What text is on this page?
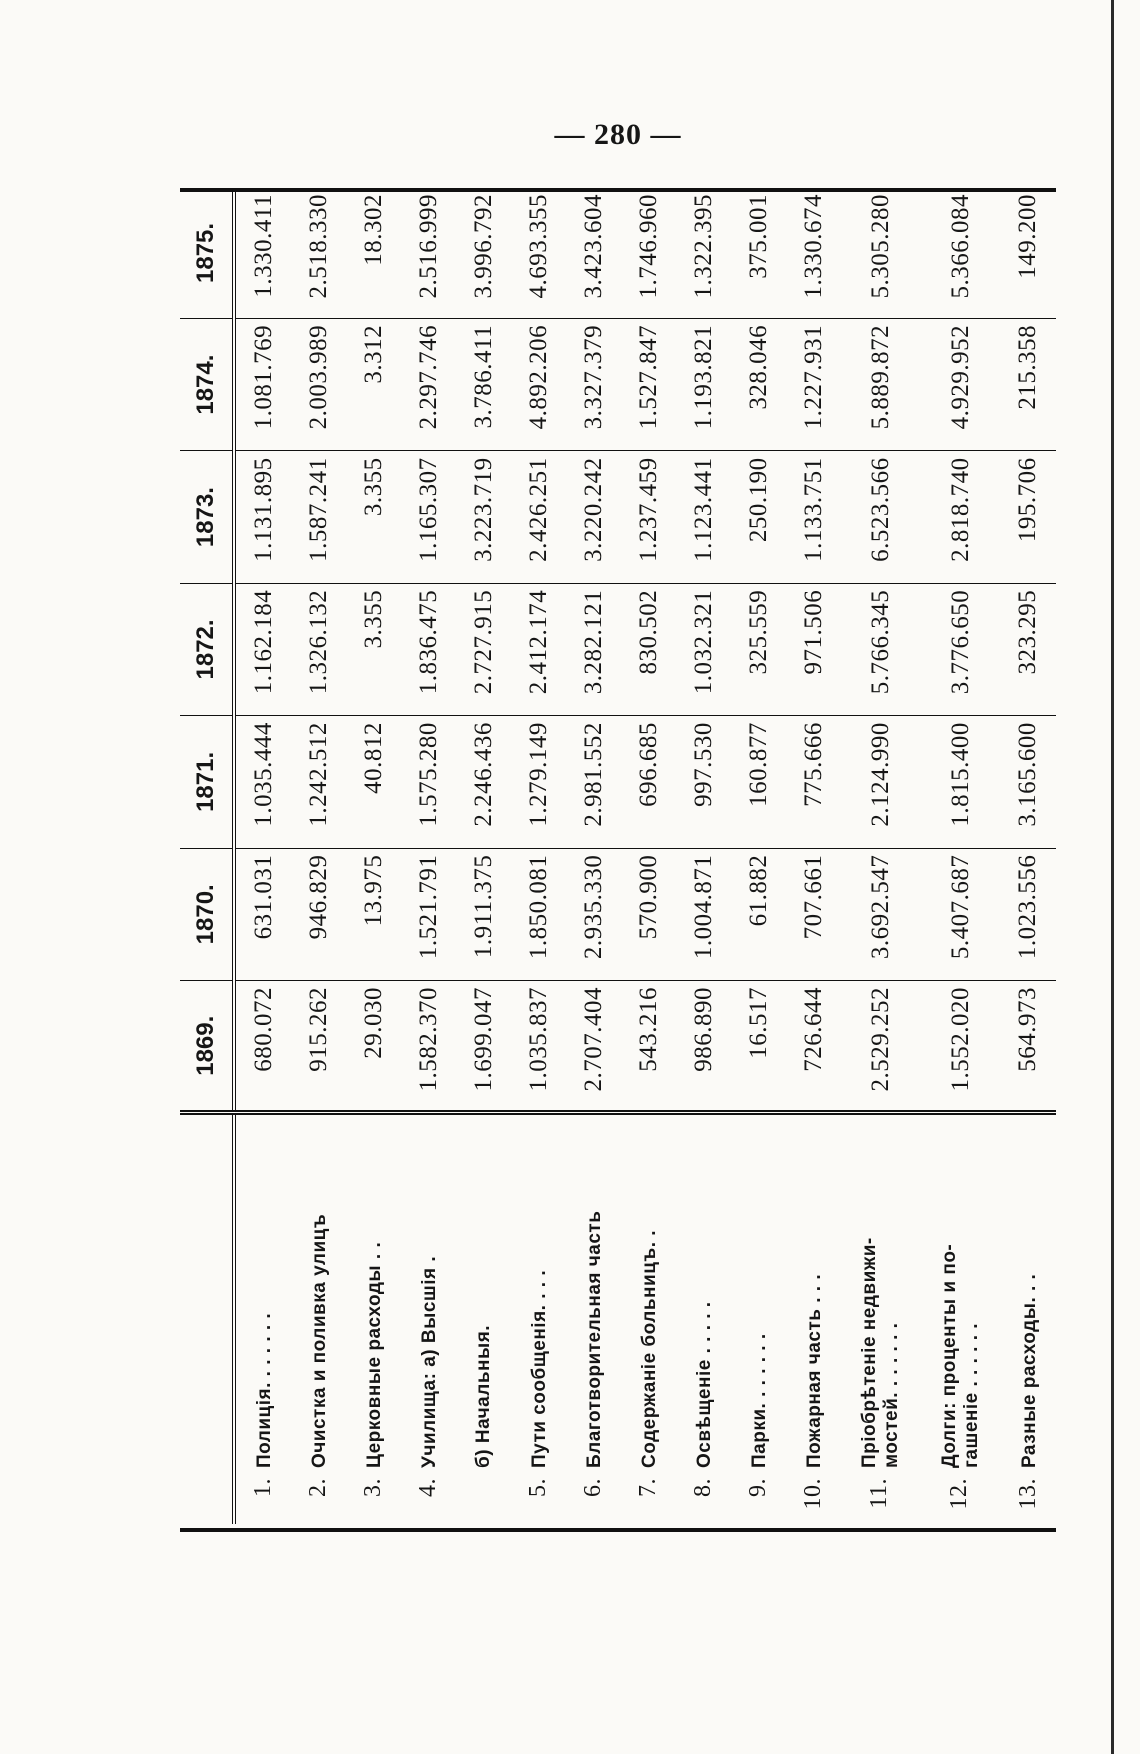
— 280 —
	1869.	1870.	1871.	1872.	1873.	1874.	1875.
1.Полиція. . . . . . .	680.072	631.031	1.035.444	1.162.184	1.131.895	1.081.769	1.330.411
2.Очистка и поливка улицъ	915.262	946.829	1.242.512	1.326.132	1.587.241	2.003.989	2.518.330
3.Церковные расходы . .	29.030	13.975	40.812	3.355	3.355	3.312	18.302
4.Училища: а) Высшія .	1.582.370	1.521.791	1.575.280	1.836.475	1.165.307	2.297.746	2.516.999
б) Начальныя.	1.699.047	1.911.375	2.246.436	2.727.915	3.223.719	3.786.411	3.996.792
5.Пути сообщенія. . . .	1.035.837	1.850.081	1.279.149	2.412.174	2.426.251	4.892.206	4.693.355
6.Благотворительная часть	2.707.404	2.935.330	2.981.552	3.282.121	3.220.242	3.327.379	3.423.604
7.Содержаніе больницъ. .	543.216	570.900	696.685	830.502	1.237.459	1.527.847	1.746.960
8.Освѣщеніе . . . . .	986.890	1.004.871	997.530	1.032.321	1.123.441	1.193.821	1.322.395
9.Парки. . . . . . .	16.517	61.882	160.877	325.559	250.190	328.046	375.001
10.Пожарная часть . . .	726.644	707.661	775.666	971.506	1.133.751	1.227.931	1.330.674
11.Пріобрѣтеніе недвижи-
мостей. . . . . . .	2.529.252	3.692.547	2.124.990	5.766.345	6.523.566	5.889.872	5.305.280
12.Долги: проценты и по-
гашеніе . . . . . .	1.552.020	5.407.687	1.815.400	3.776.650	2.818.740	4.929.952	5.366.084
13.Разные расходы. . .	564.973	1.023.556	3.165.600	323.295	195.706	215.358	149.200
